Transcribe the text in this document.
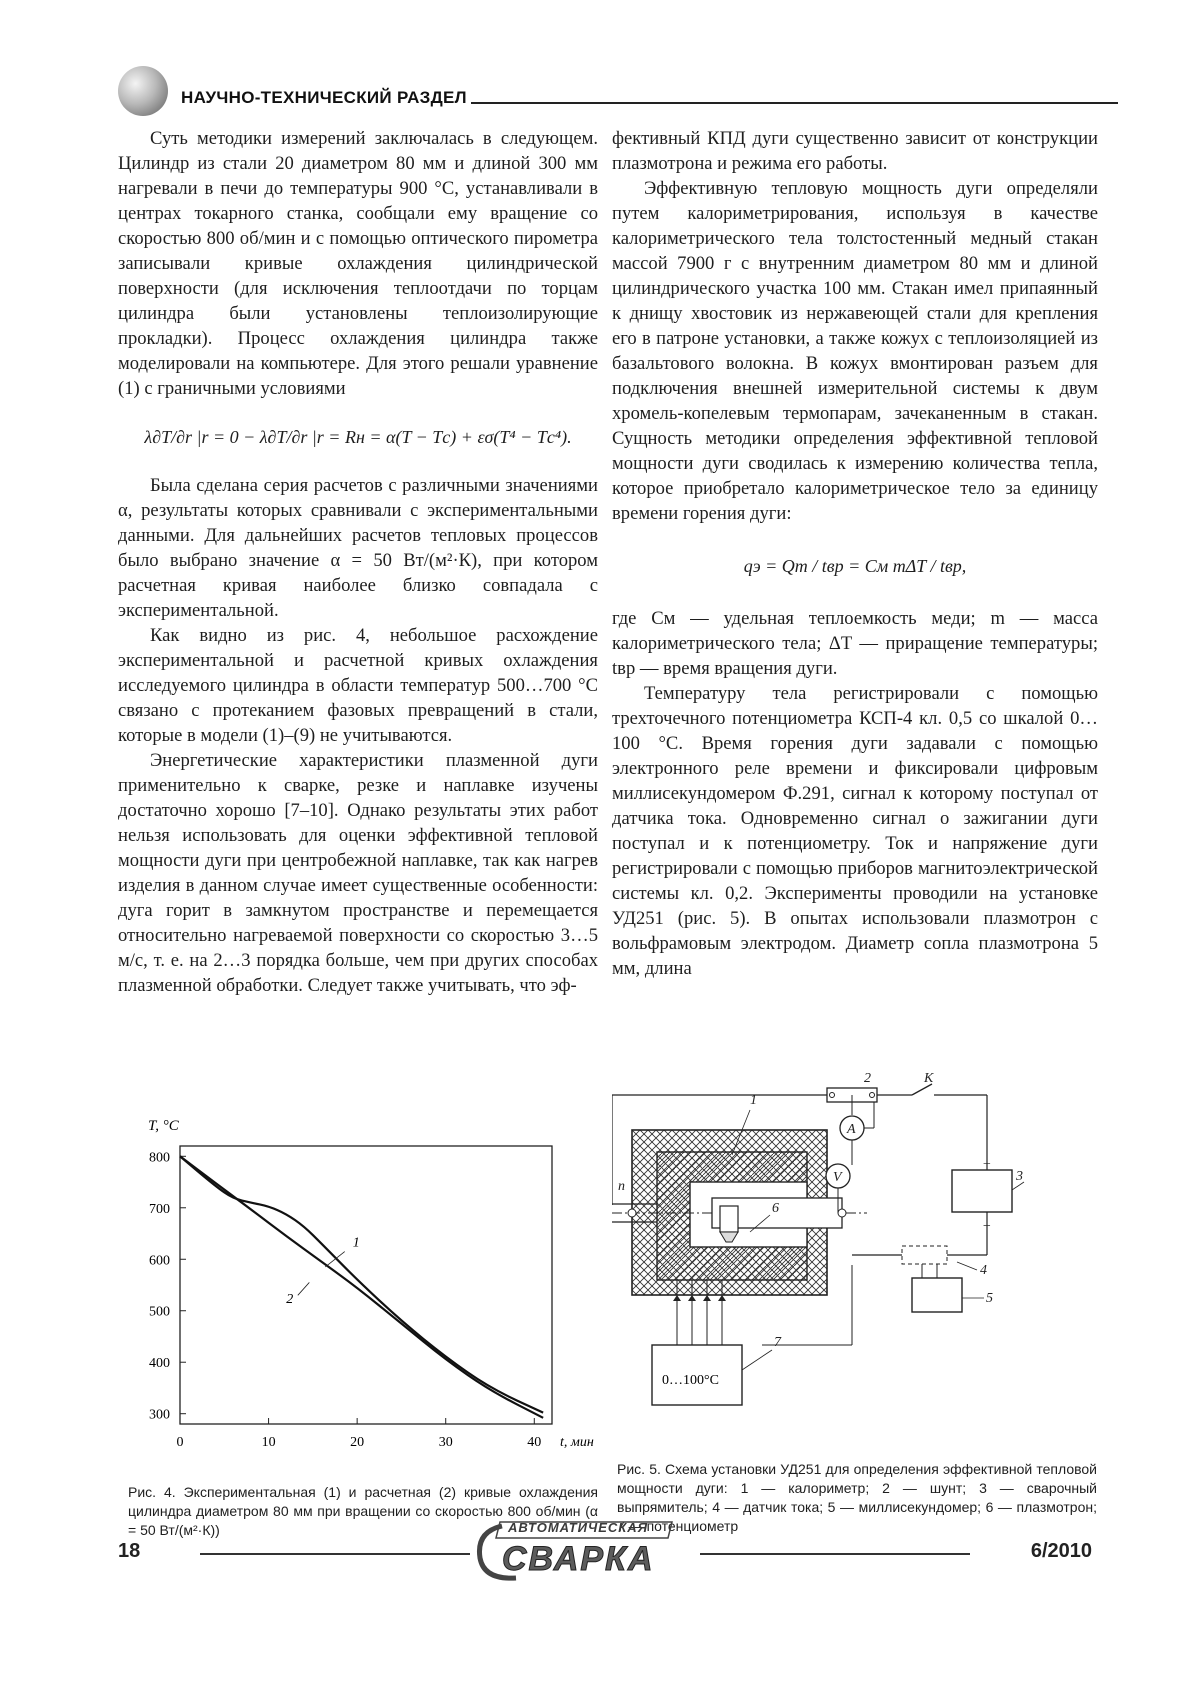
НАУЧНО-ТЕХНИЧЕСКИЙ РАЗДЕЛ

Суть методики измерений заключалась в следующем. Цилиндр из стали 20 диаметром 80 мм и длиной 300 мм нагревали в печи до температуры 900 °С, устанавливали в центрах токарного станка, сообщали ему вращение со скоростью 800 об/мин и с помощью оптического пирометра записывали кривые охлаждения цилиндрической поверхности (для исключения теплоотдачи по торцам цилиндра были установлены теплоизолирующие прокладки). Процесс охлаждения цилиндра также моделировали на компьютере. Для этого решали уравнение (1) с граничными условиями

λ∂T/∂r |r = 0 − λ∂T/∂r |r = Rн = α(T − Tс) + εσ(T⁴ − Tс⁴).

Была сделана серия расчетов с различными значениями α, результаты которых сравнивали с экспериментальными данными. Для дальнейших расчетов тепловых процессов было выбрано значение α = 50 Вт/(м²·К), при котором расчетная кривая наиболее близко совпадала с экспериментальной.

Как видно из рис. 4, небольшое расхождение экспериментальной и расчетной кривых охлаждения исследуемого цилиндра в области температур 500…700 °С связано с протеканием фазовых превращений в стали, которые в модели (1)–(9) не учитываются.

Энергетические характеристики плазменной дуги применительно к сварке, резке и наплавке изучены достаточно хорошо [7–10]. Однако результаты этих работ нельзя использовать для оценки эффективной тепловой мощности дуги при центробежной наплавке, так как нагрев изделия в данном случае имеет существенные особенности: дуга горит в замкнутом пространстве и перемещается относительно нагреваемой поверхности со скоростью 3…5 м/с, т. е. на 2…3 порядка больше, чем при других способах плазменной обработки. Следует также учитывать, что эф-

фективный КПД дуги существенно зависит от конструкции плазмотрона и режима его работы.

Эффективную тепловую мощность дуги определяли путем калориметрирования, используя в качестве калориметрического тела толстостенный медный стакан массой 7900 г с внутренним диаметром 80 мм и длиной цилиндрического участка 100 мм. Стакан имел припаянный к днищу хвостовик из нержавеющей стали для крепления его в патроне установки, а также кожух с теплоизоляцией из базальтового волокна. В кожух вмонтирован разъем для подключения внешней измерительной системы к двум хромель-копелевым термопарам, зачеканенным в стакан. Сущность методики определения эффективной тепловой мощности дуги сводилась к измерению количества тепла, которое приобретало калориметрическое тело за единицу времени горения дуги:

qэ = Qт / tвр = Cм mΔT / tвр,

где Cм — удельная теплоемкость меди; m — масса калориметрического тела; ΔT — приращение температуры; tвр — время вращения дуги.

Температуру тела регистрировали с помощью трехточечного потенциометра КСП-4 кл. 0,5 со шкалой 0…100 °С. Время горения дуги задавали с помощью электронного реле времени и фиксировали цифровым миллисекундомером Ф.291, сигнал к которому поступал от датчика тока. Одновременно сигнал о зажигании дуги поступал и к потенциометру. Ток и напряжение дуги регистрировали с помощью приборов магнитоэлектрической системы кл. 0,2. Эксперименты проводили на установке УД251 (рис. 5). В опытах использовали плазмотрон с вольфрамовым электродом. Диаметр сопла плазмотрона 5 мм, длина

300
400
500
600
700
800
0	10	20	30	40
T, °C
t, мин
1
2
Рис. 4. Экспериментальная (1) и расчетная (2) кривые охлаждения цилиндра диаметром 80 мм при вращении со скоростью 800 об/мин (α = 50 Вт/(м²·К))
0…100°С
1
2	K
3
A
V
6
4
5
7
n
+
−
Рис. 5. Схема установки УД251 для определения эффективной тепловой мощности дуги: 1 — калориметр; 2 — шунт; 3 — сварочный выпрямитель; 4 — датчик тока; 5 — миллисекундомер; 6 — плазмотрон; 7 — потенциометр
18
АВТОМАТИЧЕСКАЯ
СВАРКА	6/2010
